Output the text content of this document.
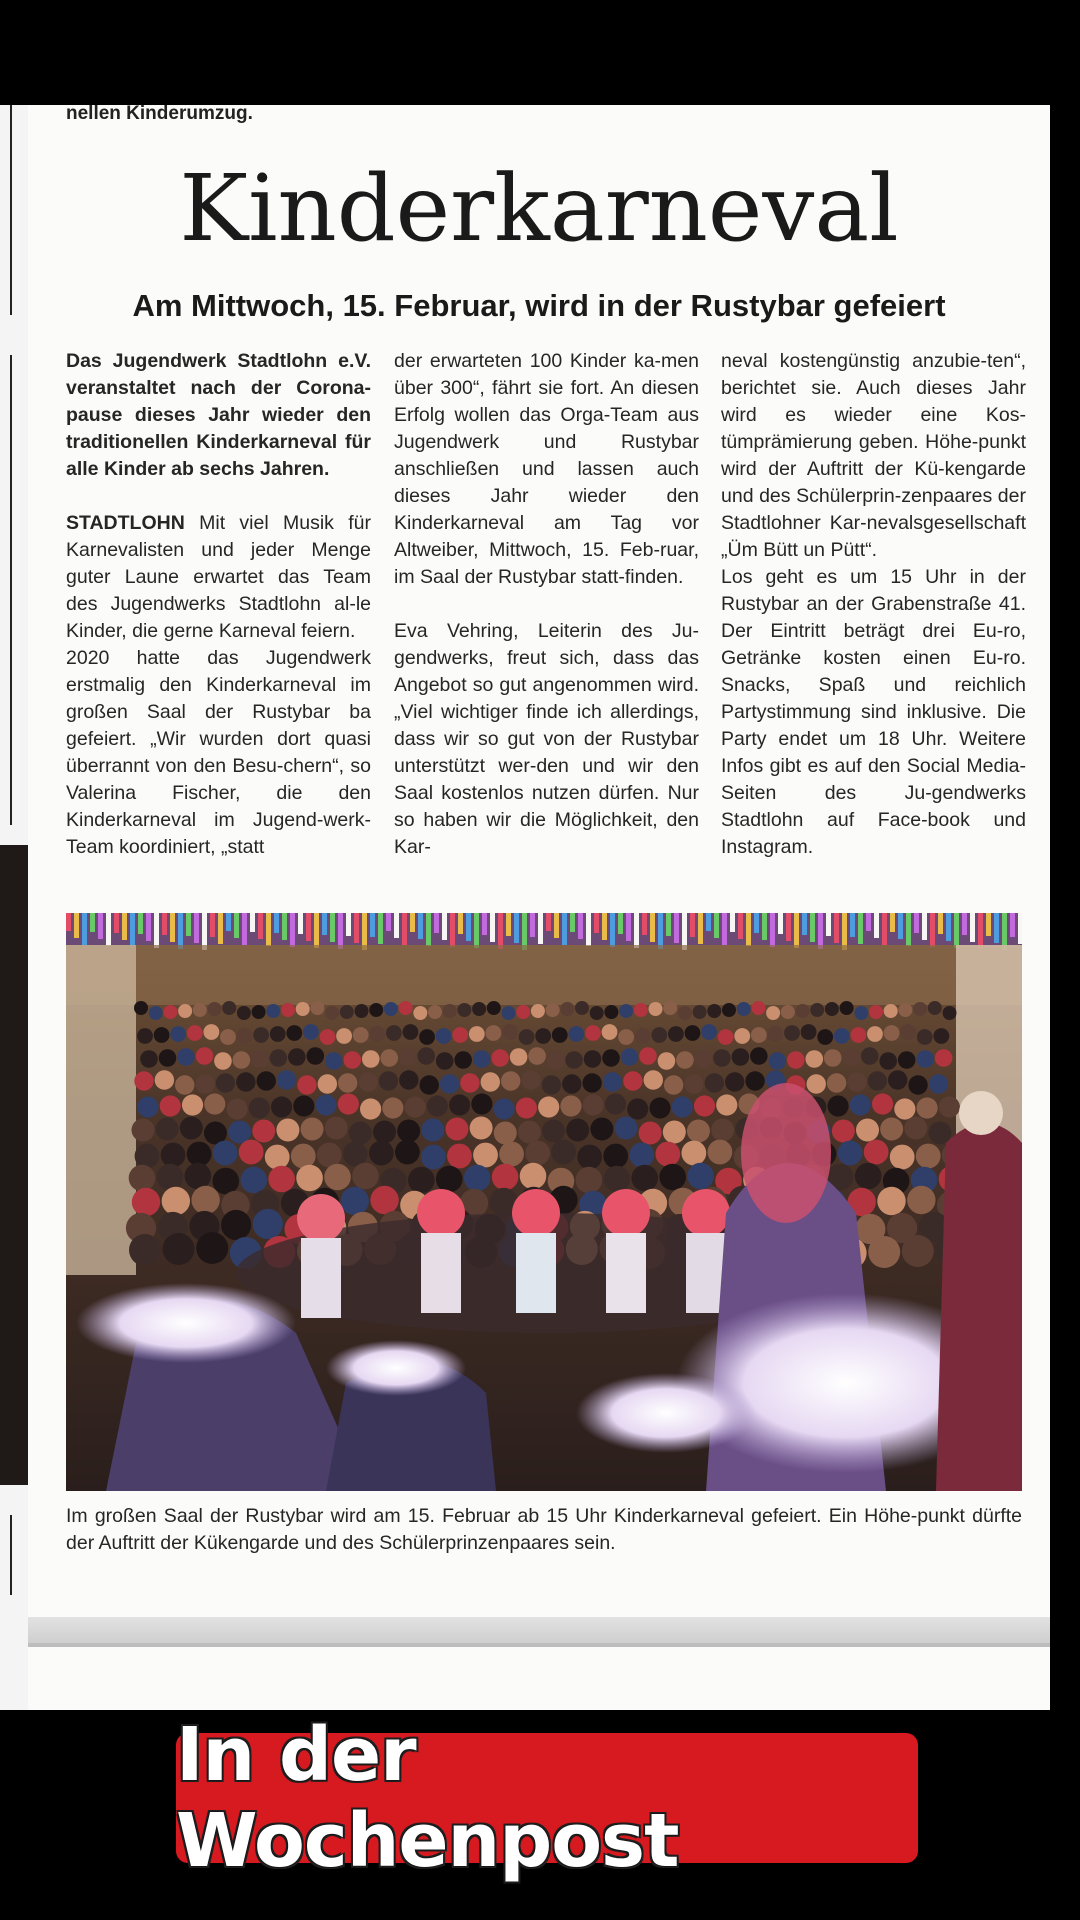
nellen Kinderumzug.
Kinderkarneval
Am Mittwoch, 15. Februar, wird in der Rustybar gefeiert

Das Jugendwerk Stadtlohn e.V. veranstaltet nach der Corona-pause dieses Jahr wieder den traditionellen Kinderkarneval für alle Kinder ab sechs Jahren.

STADTLOHN Mit viel Musik für Karnevalisten und jeder Menge guter Laune erwartet das Team des Jugendwerks Stadtlohn al-le Kinder, die gerne Karneval feiern.

2020 hatte das Jugendwerk erstmalig den Kinderkarneval im großen Saal der Rustybar ba gefeiert. „Wir wurden dort quasi überrannt von den Besu-chern“, so Valerina Fischer, die den Kinderkarneval im Jugend-werk-Team koordiniert, „statt

der erwarteten 100 Kinder ka-men über 300“, fährt sie fort. An diesen Erfolg wollen das Orga-Team aus Jugendwerk und Rustybar anschließen und lassen auch dieses Jahr wieder den Kinderkarneval am Tag vor Altweiber, Mittwoch, 15. Feb-ruar, im Saal der Rustybar statt-finden.

Eva Vehring, Leiterin des Ju-gendwerks, freut sich, dass das Angebot so gut angenommen wird. „Viel wichtiger finde ich allerdings, dass wir so gut von der Rustybar unterstützt wer-den und wir den Saal kostenlos nutzen dürfen. Nur so haben wir die Möglichkeit, den Kar-

neval kostengünstig anzubie-ten“, berichtet sie. Auch dieses Jahr wird es wieder eine Kos-tümprämierung geben. Höhe-punkt wird der Auftritt der Kü-kengarde und des Schülerprin-zenpaares der Stadtlohner Kar-nevalsgesellschaft „Üm Bütt un Pütt“.

Los geht es um 15 Uhr in der Rustybar an der Grabenstraße 41. Der Eintritt beträgt drei Eu-ro, Getränke kosten einen Eu-ro. Snacks, Spaß und reichlich Partystimmung sind inklusive. Die Party endet um 18 Uhr. Weitere Infos gibt es auf den Social Media-Seiten des Ju-gendwerks Stadtlohn auf Face-book und Instagram.

Im großen Saal der Rustybar wird am 15. Februar ab 15 Uhr Kinderkarneval gefeiert. Ein Höhe-punkt dürfte der Auftritt der Kükengarde und des Schülerprinzenpaares sein.

In der Wochenpost
